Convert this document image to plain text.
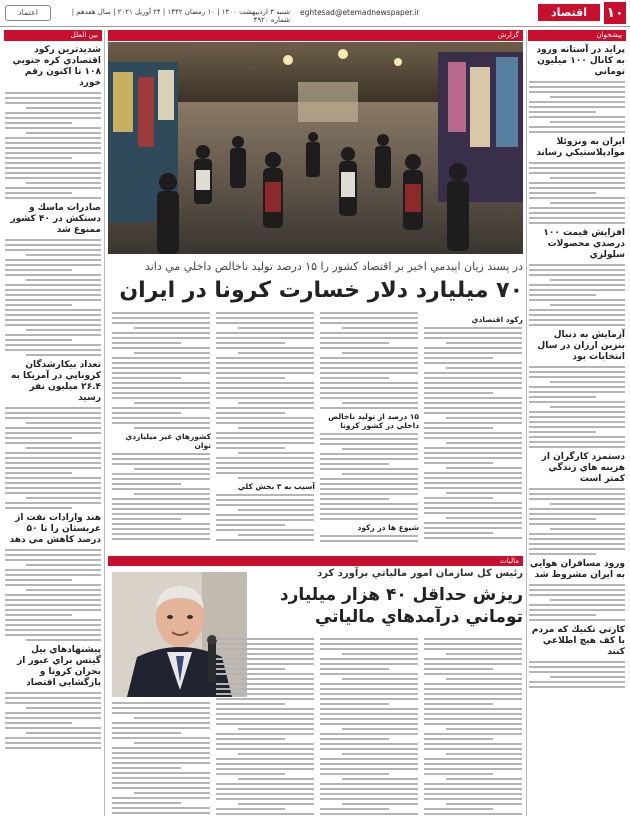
۱۰
اقتصاد
eghtesad@etemadnewspaper.ir
شنبه ۳ اردیبهشت ۱۴۰۰ | ۱۰ رمضان ۱۴۴۲ | ۲۴ آوریل ۲۰۲۱ | سال هفدهم | شماره ۴۹۲۰
اعتماد
پیشخوان
پرايد در آستانه ورود به كانال ۱۰۰ ميليون توماني
ايران به ونزوئلا موادپلاستيكي رساند
افزايش قيمت ۱۰۰ درصدي محصولات سلولزي
آزمايش به دنبال بنزين ارزان در سال انتخابات بود
دستمزد كارگران از هزينه هاي زندگي كمتر است
ورود مسافران هوايي به ايران مشروط شد
كارتي تكنيك كه مردم با كف هيچ اطلاعي كنند
بين الملل
شديدترين ركود اقتصادي كره جنوبي ۱۰۸ تا اكنون رقم خورد
صادرات ماسك و دستكش در ۴۰ كشور ممنوع شد
تعداد بيكارشدگان كرونايي در آمريكا به ۲۶.۴ ميليون نفر رسيد
هند وارادات نفت از عربستان را تا ۵۰ درصد كاهش مي دهد
پيشنهادهاي بيل گيتس براي عبور از بحران كرونا و بازگشايي اقتصاد
گزارش
در پسند زيان اپيدمي اخير بر اقتصاد كشور را ۱۵ درصد توليد ناخالص داخلي مي داند
۷۰ ميليارد دلار خسارت كرونا در ايران
ركود اقتصادي
۱۵ درصد از توليد ناخالص داخلي در كشور كرونا
شيوع ها در ركود
آسيب به ۳ بخش كلي
كشورهاي غير ميلياردي توان
ماليات
رئيس كل سازمان امور مالياتي برآورد كرد
ريزش حداقل ۴۰ هزار ميليارد توماني درآمدهاي مالياتي
